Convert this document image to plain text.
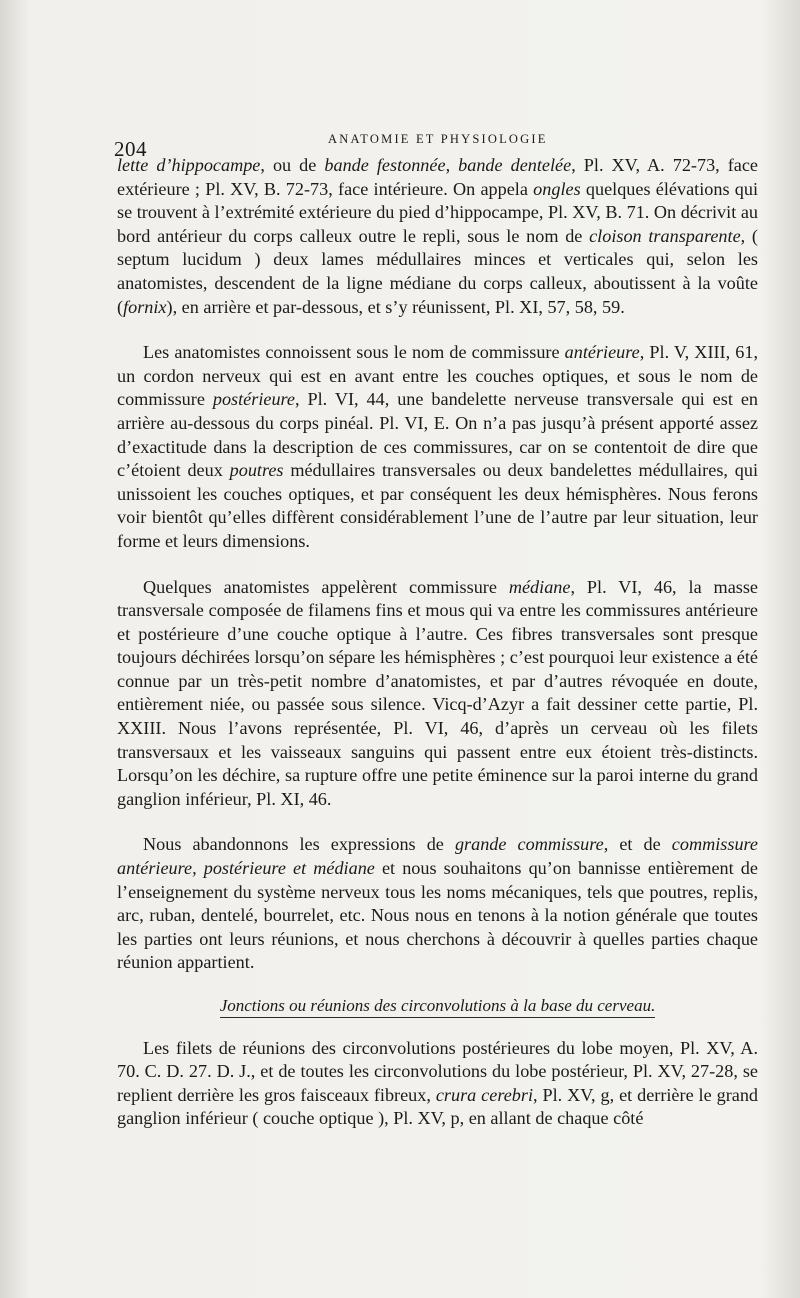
204	ANATOMIE ET PHYSIOLOGIE

lette d’hippocampe, ou de bande festonnée, bande dentelée, Pl. XV, A. 72-73, face extérieure ; Pl. XV, B. 72-73, face intérieure. On appela ongles quelques élévations qui se trouvent à l’extrémité extérieure du pied d’hippocampe, Pl. XV, B. 71. On décrivit au bord antérieur du corps calleux outre le repli, sous le nom de cloison transparente, ( septum lucidum ) deux lames médullaires minces et verticales qui, selon les anatomistes, descendent de la ligne médiane du corps calleux, aboutissent à la voûte (fornix), en arrière et par-dessous, et s’y réunissent, Pl. XI, 57, 58, 59.

Les anatomistes connoissent sous le nom de commissure antérieure, Pl. V, XIII, 61, un cordon nerveux qui est en avant entre les couches optiques, et sous le nom de commissure postérieure, Pl. VI, 44, une bandelette nerveuse transversale qui est en arrière au-dessous du corps pinéal. Pl. VI, E. On n’a pas jusqu’à présent apporté assez d’exactitude dans la description de ces commissures, car on se contentoit de dire que c’étoient deux poutres médullaires transversales ou deux bandelettes médullaires, qui unissoient les couches optiques, et par conséquent les deux hémisphères. Nous ferons voir bientôt qu’elles diffèrent considérablement l’une de l’autre par leur situation, leur forme et leurs dimensions.

Quelques anatomistes appelèrent commissure médiane, Pl. VI, 46, la masse transversale composée de filamens fins et mous qui va entre les commissures antérieure et postérieure d’une couche optique à l’autre. Ces fibres transversales sont presque toujours déchirées lorsqu’on sépare les hémisphères ; c’est pourquoi leur existence a été connue par un très-petit nombre d’anatomistes, et par d’autres révoquée en doute, entièrement niée, ou passée sous silence. Vicq-d’Azyr a fait dessiner cette partie, Pl. XXIII. Nous l’avons représentée, Pl. VI, 46, d’après un cerveau où les filets transversaux et les vaisseaux sanguins qui passent entre eux étoient très-distincts. Lorsqu’on les déchire, sa rupture offre une petite éminence sur la paroi interne du grand ganglion inférieur, Pl. XI, 46.

Nous abandonnons les expressions de grande commissure, et de commissure antérieure, postérieure et médiane et nous souhaitons qu’on bannisse entièrement de l’enseignement du système nerveux tous les noms mécaniques, tels que poutres, replis, arc, ruban, dentelé, bourrelet, etc. Nous nous en tenons à la notion générale que toutes les parties ont leurs réunions, et nous cherchons à découvrir à quelles parties chaque réunion appartient.

Jonctions ou réunions des circonvolutions à la base du cerveau.

Les filets de réunions des circonvolutions postérieures du lobe moyen, Pl. XV, A. 70. C. D. 27. D. J., et de toutes les circonvolutions du lobe postérieur, Pl. XV, 27-28, se replient derrière les gros faisceaux fibreux, crura cerebri, Pl. XV, g, et derrière le grand ganglion inférieur ( couche optique ), Pl. XV, p, en allant de chaque côté
